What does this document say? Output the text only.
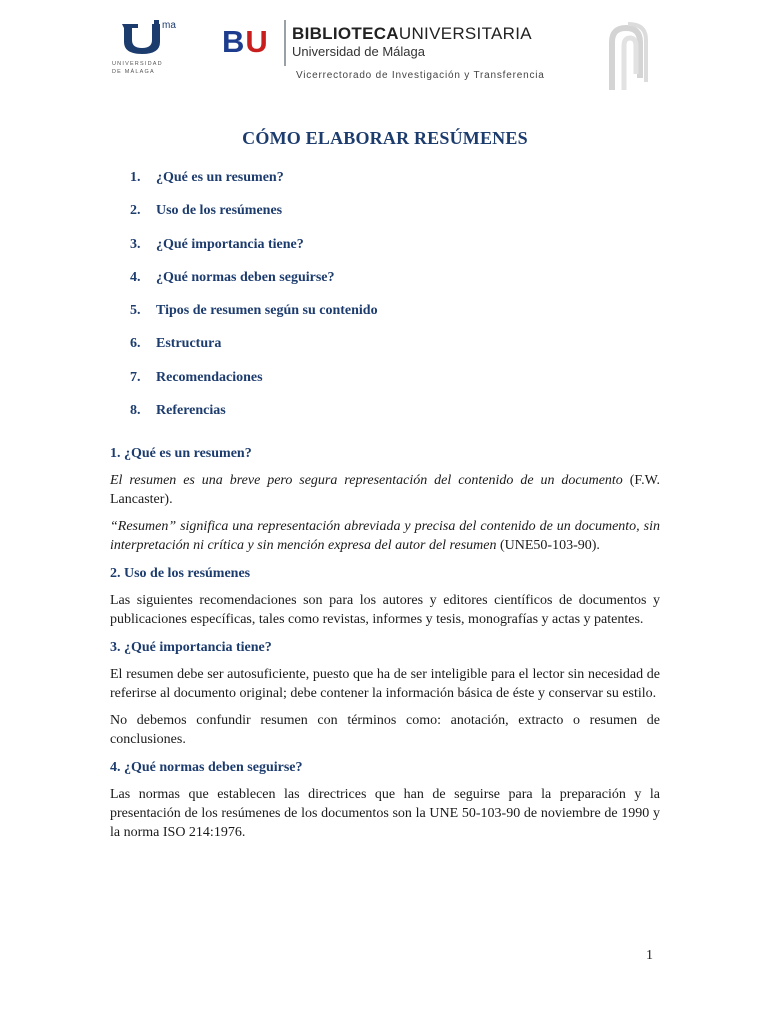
ma
UNIVERSIDAD
DE MÁLAGA
BU BIBLIOTECAUNIVERSITARIA
Universidad de Málaga
Vicerrectorado de Investigación y Transferencia
CÓMO ELABORAR RESÚMENES
1. ¿Qué es un resumen?
2. Uso de los resúmenes
3. ¿Qué importancia tiene?
4. ¿Qué normas deben seguirse?
5. Tipos de resumen según su contenido
6. Estructura
7. Recomendaciones
8. Referencias
1. ¿Qué es un resumen?

El resumen es una breve pero segura representación del contenido de un documento (F.W. Lancaster).

“Resumen” significa una representación abreviada y precisa del contenido de un documento, sin interpretación ni crítica y sin mención expresa del autor del resumen (UNE50-103-90).

2. Uso de los resúmenes

Las siguientes recomendaciones son para los autores y editores científicos de documentos y publicaciones específicas, tales como revistas, informes y tesis, monografías y actas y patentes.

3. ¿Qué importancia tiene?

El resumen debe ser autosuficiente, puesto que ha de ser inteligible para el lector sin necesidad de referirse al documento original; debe contener la información básica de éste y conservar su estilo.

No debemos confundir resumen con términos como: anotación, extracto o resumen de conclusiones.

4. ¿Qué normas deben seguirse?

Las normas que establecen las directrices que han de seguirse para la preparación y la presentación de los resúmenes de los documentos son la UNE 50-103-90 de noviembre de 1990 y la norma ISO 214:1976.

1
